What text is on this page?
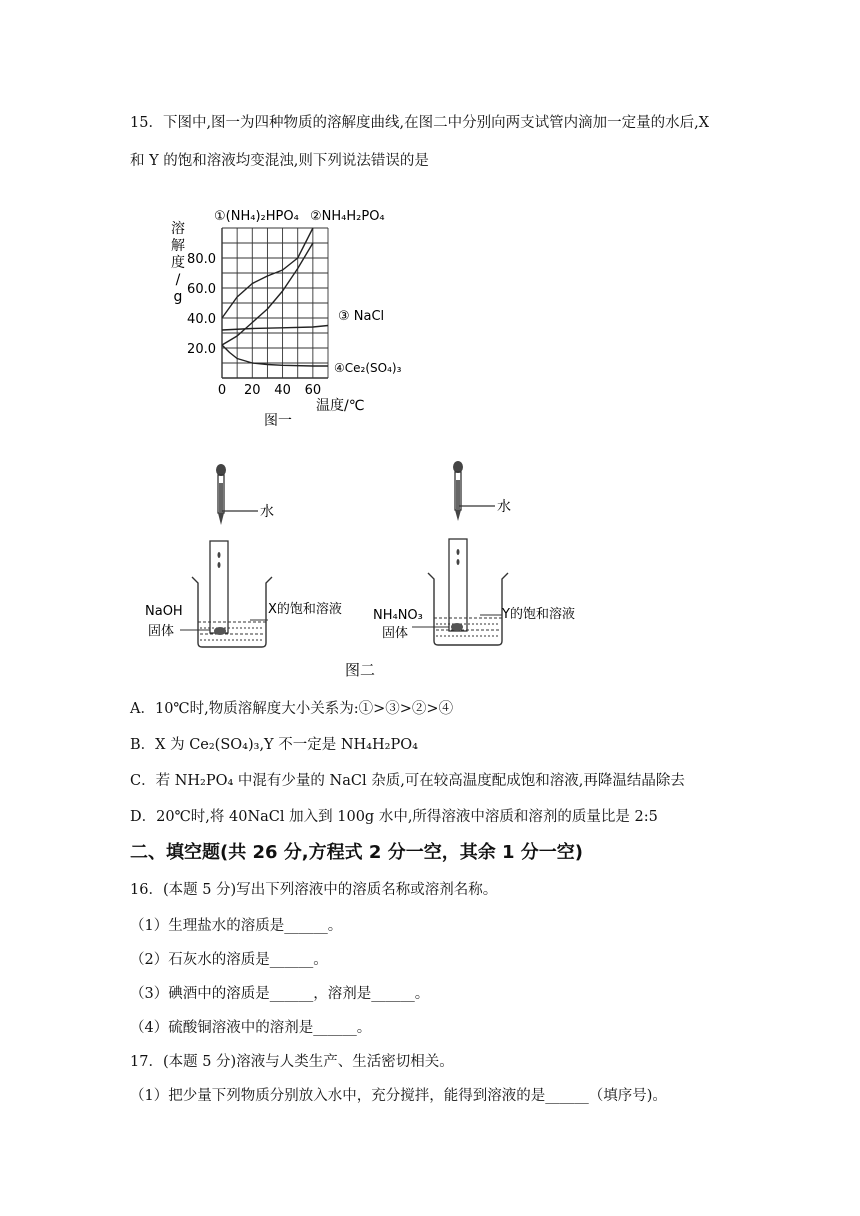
15．下图中,图一为四种物质的溶解度曲线,在图二中分别向两支试管内滴加一定量的水后,X
和 Y 的饱和溶液均变混浊,则下列说法错误的是
溶解度/ g
20.0
40.0
60.0
80.0
0 20 40 60
①(NH₄)₂HPO₄ ②NH₄H₂PO₄
③ NaCl
④Ce₂(SO₄)₃
温度/℃
图一
水
NaOH
固体
X的饱和溶液
水
NH₄NO₃
固体
Y的饱和溶液
图二
A．10℃时,物质溶解度大小关系为:①>③>②>④
B．X 为 Ce₂(SO₄)₃,Y 不一定是 NH₄H₂PO₄
C．若 NH₂PO₄ 中混有少量的 NaCl 杂质,可在较高温度配成饱和溶液,再降温结晶除去
D．20℃时,将 40NaCl 加入到 100g 水中,所得溶液中溶质和溶剂的质量比是 2:5
二、填空题(共 26 分,方程式 2 分一空，其余 1 分一空)
16．(本题 5 分)写出下列溶液中的溶质名称或溶剂名称。
（1）生理盐水的溶质是______。
（2）石灰水的溶质是______。
（3）碘酒中的溶质是______，溶剂是______。
（4）硫酸铜溶液中的溶剂是______。
17．(本题 5 分)溶液与人类生产、生活密切相关。
（1）把少量下列物质分别放入水中，充分搅拌，能得到溶液的是______（填序号)。
